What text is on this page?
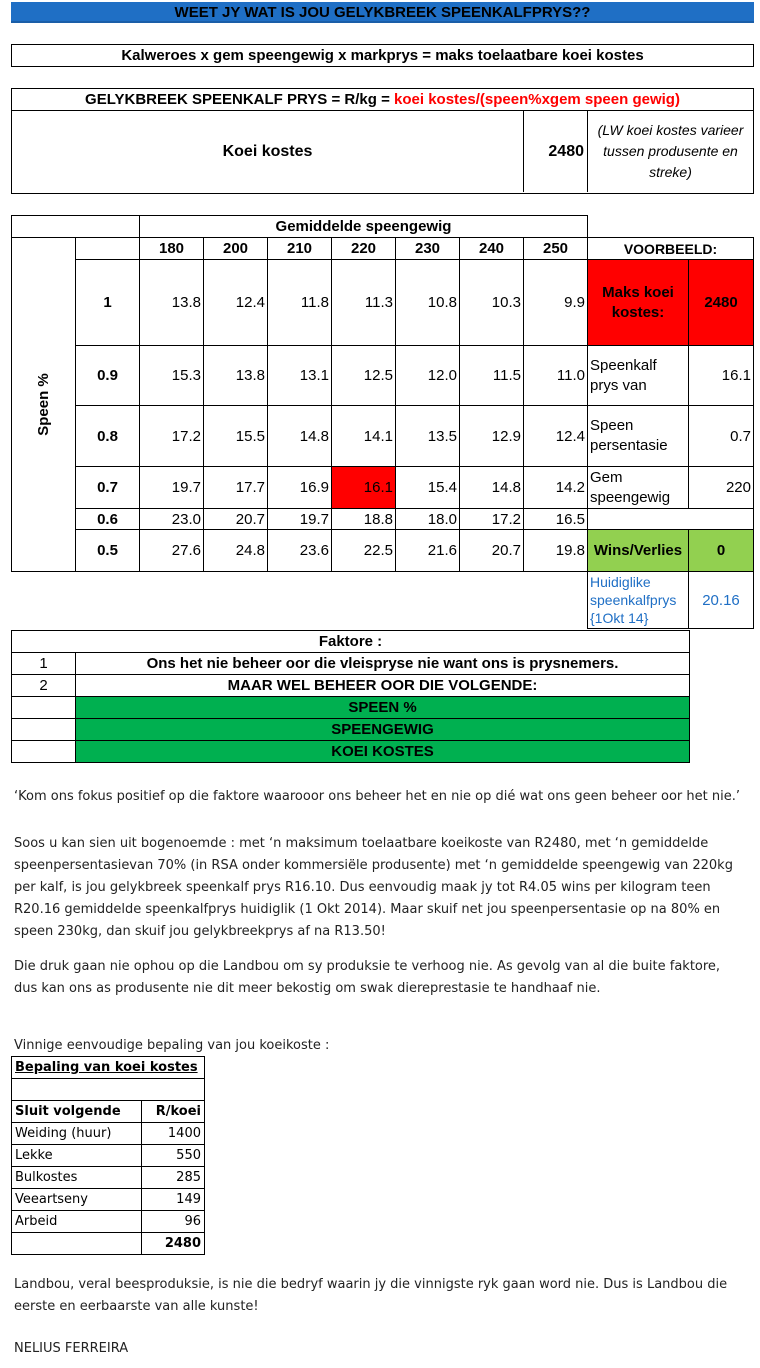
WEET JY WAT IS JOU GELYKBREEK SPEENKALFPRYS??
Kalweroes x gem speengewig x markprys = maks toelaatbare koei kostes
GELYKBREEK SPEENKALF PRYS = R/kg =
koei kostes/(speen%xgem speen gewig)
Koei kostes	2480
(LW koei kostes varieer tussen produsente en streke)
		Gemiddelde speengewig								

Speen %		180	200	210	220	230	240	250	VOORBEELD:	
	1	13.8	12.4	11.8	11.3	10.8	10.3	9.9	Maks koei kostes:	2480
	0.9	15.3	13.8	13.1	12.5	12.0	11.5	11.0	Speenkalf prys van	16.1
	0.8	17.2	15.5	14.8	14.1	13.5	12.9	12.4	Speen persentasie	0.7
	0.7	19.7	17.7	16.9	16.1	15.4	14.8	14.2	Gem speengewig	220
	0.6	23.0	20.7	19.7	18.8	18.0	17.2	16.5		
	0.5	27.6	24.8	23.6	22.5	21.6	20.7	19.8	Wins/Verlies	0
									Huidiglike speenkalfprys {1Okt 14}	20.16
Faktore :	
1	Ons het nie beheer oor die vleispryse nie want ons is prysnemers.
2	MAAR WEL BEHEER OOR DIE VOLGENDE:
	SPEEN %
	SPEENGEWIG
	KOEI KOSTES
‘Kom ons fokus positief op die faktore waarooor ons beheer het en nie op dié wat ons geen beheer oor het nie.’
Soos u kan sien uit bogenoemde : met ‘n maksimum toelaatbare koeikoste van R2480, met ‘n gemiddelde speenpersentasievan 70% (in RSA onder kommersiële produsente) met ‘n gemiddelde speengewig van 220kg per kalf, is jou gelykbreek speenkalf prys R16.10. Dus eenvoudig maak jy tot R4.05 wins per kilogram teen R20.16 gemiddelde speenkalfprys huidiglik (1 Okt 2014). Maar skuif net jou speenpersentasie op na 80% en speen 230kg, dan skuif jou gelykbreekprys af na R13.50!
Die druk gaan nie ophou op die Landbou om sy produksie te verhoog nie. As gevolg van al die buite faktore, dus kan ons as produsente nie dit meer bekostig om swak diereprestasie te handhaaf nie.
Vinnige eenvoudige bepaling van jou koeikoste :
Bepaling van koei kostes	

Sluit volgende	R/koei
Weiding (huur)	1400
Lekke	550
Bulkostes	285
Veeartseny	149
Arbeid	96
	2480
Landbou, veral beesproduksie, is nie die bedryf waarin jy die vinnigste ryk gaan word nie. Dus is Landbou die eerste en eerbaarste van alle kunste!
NELIUS FERREIRA
